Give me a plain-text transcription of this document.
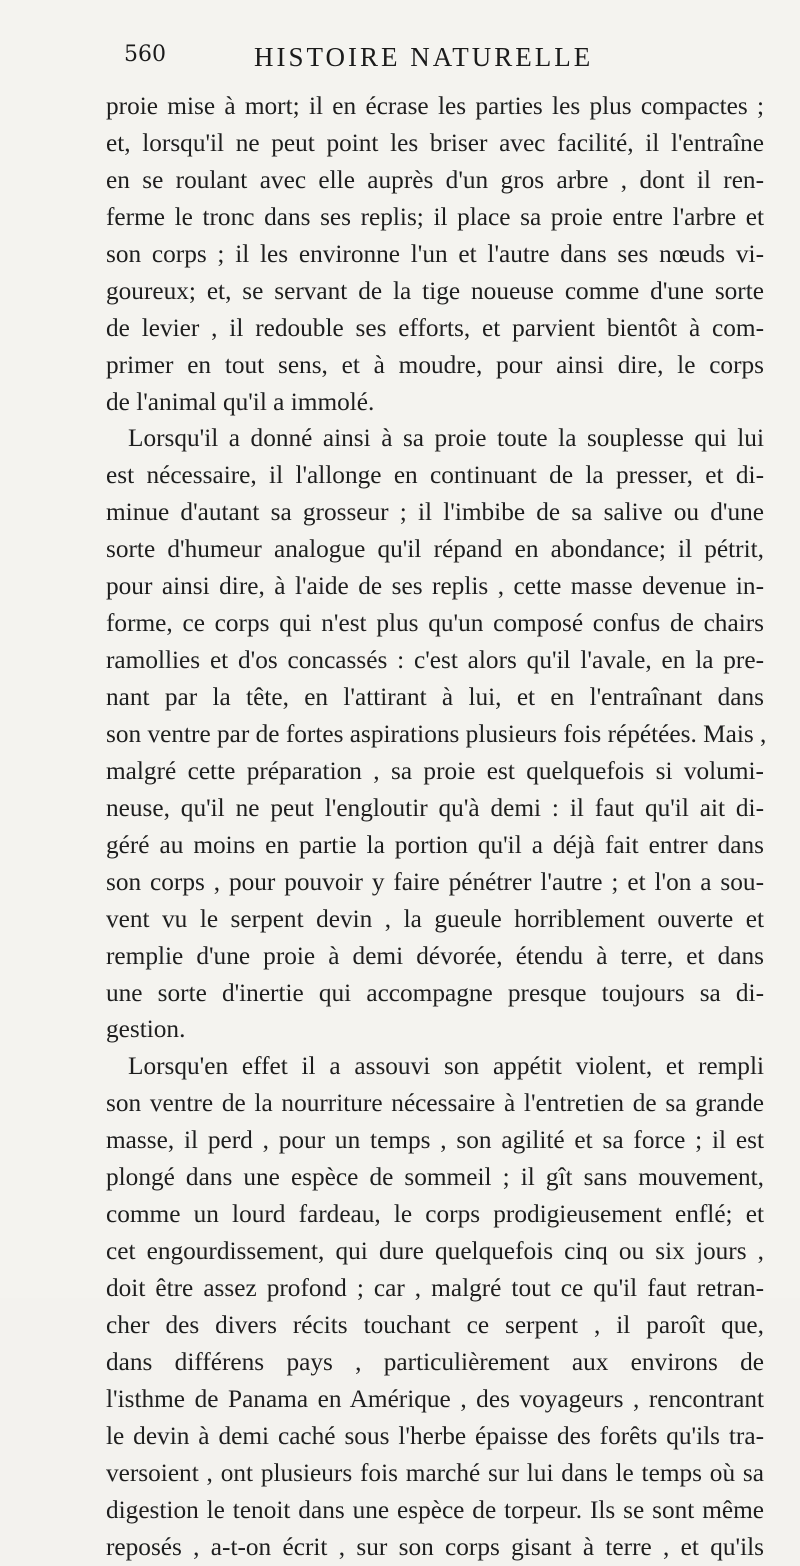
560	HISTOIRE NATURELLE
proie mise à mort; il en écrase les parties les plus compactes ;
et, lorsqu'il ne peut point les briser avec facilité, il l'entraîne
en se roulant avec elle auprès d'un gros arbre , dont il ren-
ferme le tronc dans ses replis; il place sa proie entre l'arbre et
son corps ; il les environne l'un et l'autre dans ses nœuds vi-
goureux; et, se servant de la tige noueuse comme d'une sorte
de levier , il redouble ses efforts, et parvient bientôt à com-
primer en tout sens, et à moudre, pour ainsi dire, le corps
de l'animal qu'il a immolé.
Lorsqu'il a donné ainsi à sa proie toute la souplesse qui lui
est nécessaire, il l'allonge en continuant de la presser, et di-
minue d'autant sa grosseur ; il l'imbibe de sa salive ou d'une
sorte d'humeur analogue qu'il répand en abondance; il pétrit,
pour ainsi dire, à l'aide de ses replis , cette masse devenue in-
forme, ce corps qui n'est plus qu'un composé confus de chairs
ramollies et d'os concassés : c'est alors qu'il l'avale, en la pre-
nant par la tête, en l'attirant à lui, et en l'entraînant dans
son ventre par de fortes aspirations plusieurs fois répétées. Mais ,
malgré cette préparation , sa proie est quelquefois si volumi-
neuse, qu'il ne peut l'engloutir qu'à demi : il faut qu'il ait di-
géré au moins en partie la portion qu'il a déjà fait entrer dans
son corps , pour pouvoir y faire pénétrer l'autre ; et l'on a sou-
vent vu le serpent devin , la gueule horriblement ouverte et
remplie d'une proie à demi dévorée, étendu à terre, et dans
une sorte d'inertie qui accompagne presque toujours sa di-
gestion.
Lorsqu'en effet il a assouvi son appétit violent, et rempli
son ventre de la nourriture nécessaire à l'entretien de sa grande
masse, il perd , pour un temps , son agilité et sa force ; il est
plongé dans une espèce de sommeil ; il gît sans mouvement,
comme un lourd fardeau, le corps prodigieusement enflé; et
cet engourdissement, qui dure quelquefois cinq ou six jours ,
doit être assez profond ; car , malgré tout ce qu'il faut retran-
cher des divers récits touchant ce serpent , il paroît que,
dans différens pays , particulièrement aux environs de
l'isthme de Panama en Amérique , des voyageurs , rencontrant
le devin à demi caché sous l'herbe épaisse des forêts qu'ils tra-
versoient , ont plusieurs fois marché sur lui dans le temps où sa
digestion le tenoit dans une espèce de torpeur. Ils se sont même
reposés , a-t-on écrit , sur son corps gisant à terre , et qu'ils
